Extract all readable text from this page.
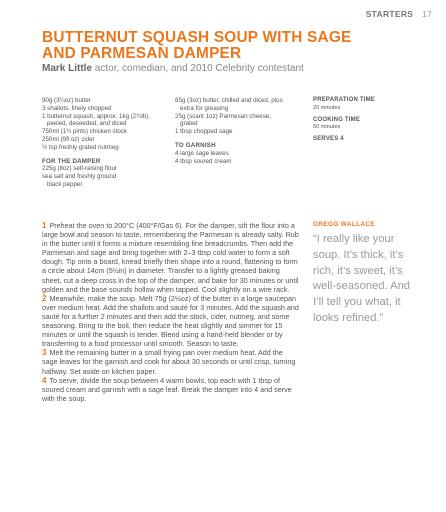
STARTERS 17
BUTTERNUT SQUASH SOUP WITH SAGE AND PARMESAN DAMPER
Mark Little actor, comedian, and 2010 Celebrity contestant
90g (3¼oz) butter
3 shallots, finely chopped
1 butternut squash, approx. 1kg (2¼lb),
peeled, deseeded, and diced
750ml (1¼ pints) chicken stock
250ml (9fl oz) cider
½ tsp freshly grated nutmeg
FOR THE DAMPER
225g (8oz) self-raising flour
sea salt and freshly ground
black pepper
85g (3oz) butter, chilled and diced, plus
extra for greasing
25g (scant 1oz) Parmesan cheese,
grated
1 tbsp chopped sage
TO GARNISH
4 large sage leaves
4 tbsp soured cream
PREPARATION TIME
20 minutes
COOKING TIME
50 minutes
SERVES 4
1 Preheat the oven to 200°C (400°F/Gas 6). For the damper, sift the flour into a large bowl and season to taste, remembering the Parmesan is already salty. Rub in the butter until it forms a mixture resembling fine breadcrumbs. Then add the Parmesan and sage and bring together with 2–3 tbsp cold water to form a soft dough. Tip onto a board, knead briefly then shape into a round, flattening to form a circle about 14cm (5½in) in diameter. Transfer to a lightly greased baking sheet, cut a deep cross in the top of the damper, and bake for 30 minutes or until golden and the base sounds hollow when tapped. Cool slightly on a wire rack.
2 Meanwhile, make the soup. Melt 75g (2½oz) of the butter in a large saucepan over medium heat. Add the shallots and sauté for 3 minutes. Add the squash and sauté for a further 2 minutes and then add the stock, cider, nutmeg, and some seasoning. Bring to the boil, then reduce the heat slightly and simmer for 15 minutes or until the squash is tender. Blend using a hand-held blender or by transferring to a food processor until smooth. Season to taste.
3 Melt the remaining butter in a small frying pan over medium heat. Add the sage leaves for the garnish and cook for about 30 seconds or until crisp, turning halfway. Set aside on kitchen paper.
4 To serve, divide the soup between 4 warm bowls, top each with 1 tbsp of soured cream and garnish with a sage leaf. Break the damper into 4 and serve with the soup.
GREGG WALLACE
“I really like your soup. It’s thick, it’s rich, it’s sweet, it’s well-seasoned. And I’ll tell you what, it looks refined.”
